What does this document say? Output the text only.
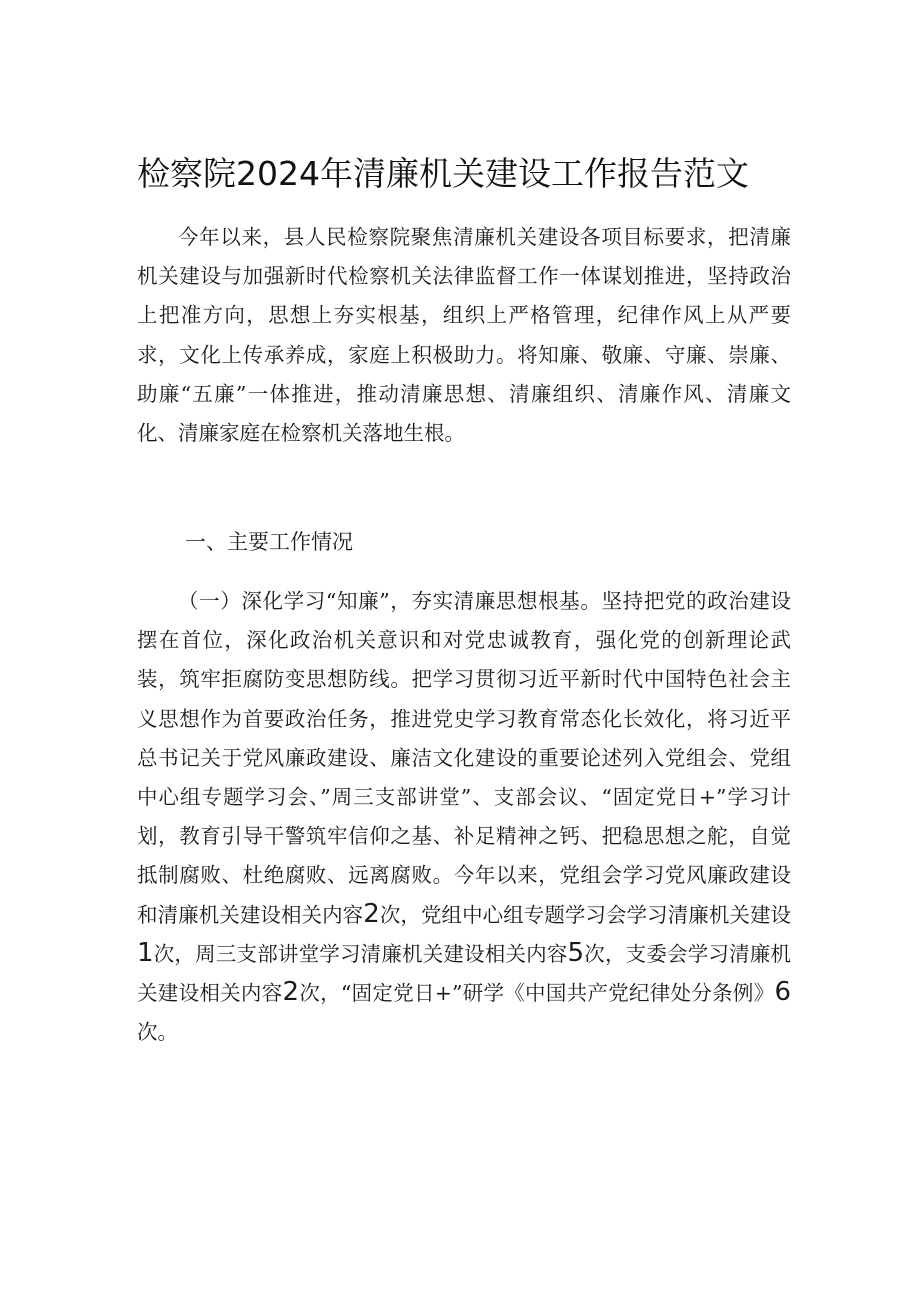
检察院2024年清廉机关建设工作报告范文

今年以来，县人民检察院聚焦清廉机关建设各项目标要求，把清廉机关建设与加强新时代检察机关法律监督工作一体谋划推进，坚持政治上把准方向，思想上夯实根基，组织上严格管理，纪律作风上从严要求，文化上传承养成，家庭上积极助力。将知廉、敬廉、守廉、崇廉、助廉“五廉”一体推进，推动清廉思想、清廉组织、清廉作风、清廉文化、清廉家庭在检察机关落地生根。

一、主要工作情况

（一）深化学习“知廉”，夯实清廉思想根基。坚持把党的政治建设摆在首位，深化政治机关意识和对党忠诚教育，强化党的创新理论武装，筑牢拒腐防变思想防线。把学习贯彻习近平新时代中国特色社会主义思想作为首要政治任务，推进党史学习教育常态化长效化，将习近平总书记关于党风廉政建设、廉洁文化建设的重要论述列入党组会、党组中心组专题学习会、”周三支部讲堂”、支部会议、“固定党日+”学习计划，教育引导干警筑牢信仰之基、补足精神之钙、把稳思想之舵，自觉抵制腐败、杜绝腐败、远离腐败。今年以来，党组会学习党风廉政建设和清廉机关建设相关内容2次，党组中心组专题学习会学习清廉机关建设1次，周三支部讲堂学习清廉机关建设相关内容5次，支委会学习清廉机关建设相关内容2次，“固定党日+”研学《中国共产党纪律处分条例》6次。
